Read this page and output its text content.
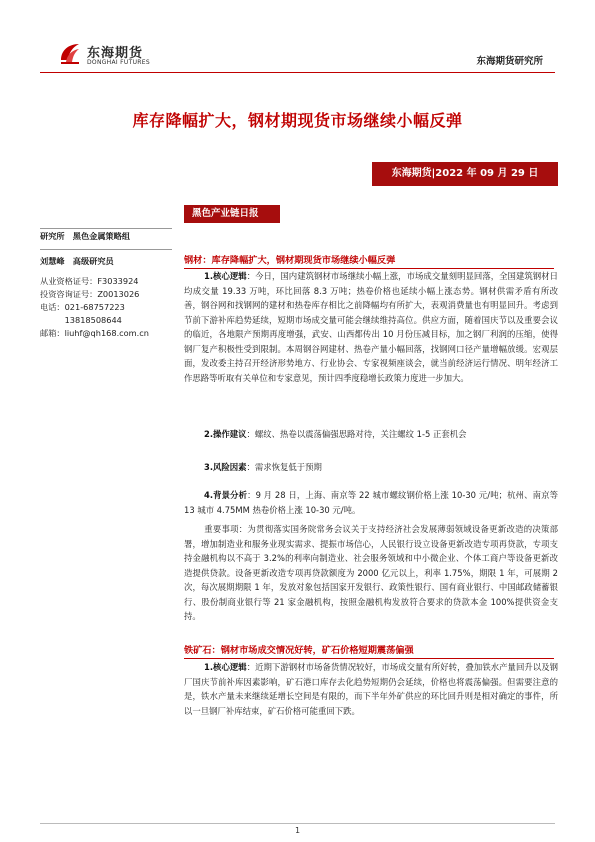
东海期货
DONGHAI FUTURES	东海期货研究所
库存降幅扩大，钢材期现货市场继续小幅反弹
东海期货|2022 年 09 月 29 日
黑色产业链日报
研究所　黑色金属策略组
刘慧峰　高级研究员
从业资格证号：F3033924
投资咨询证号：Z0013026
电话：021-68757223
　　　13818508644
邮箱：liuhf@qh168.com.cn
钢材：库存降幅扩大，钢材期现货市场继续小幅反弹
1.核心逻辑：今日，国内建筑钢材市场继续小幅上涨，市场成交量刻明显回落，全国建筑钢材日均成交量 19.33 万吨，环比回落 8.3 万吨；热卷价格也延续小幅上涨态势。钢材供需矛盾有所改善，钢谷网和找钢网的建材和热卷库存相比之前降幅均有所扩大，表观消费量也有明显回升。考虑到节前下游补库趋势延续，短期市场成交量可能会继续维持高位。供应方面，随着国庆节以及重要会议的临近，各地限产预期再度增强，武安、山西都传出 10 月份压减目标，加之钢厂利润的压缩，使得钢厂复产积极性受到限制。本周钢谷网建材、热卷产量小幅回落，找钢网口径产量增幅放缓。宏观层面，发改委主持召开经济形势地方、行业协会、专家视频座谈会，就当前经济运行情况、明年经济工作思路等听取有关单位和专家意见，预计四季度稳增长政策力度进一步加大。
2.操作建议：螺纹、热卷以震荡偏强思路对待，关注螺纹 1-5 正套机会
3.风险因素：需求恢复低于预期
4.背景分析：9 月 28 日，上海、南京等 22 城市螺纹钢价格上涨 10-30 元/吨；杭州、南京等 13 城市 4.75MM 热卷价格上涨 10-30 元/吨。
重要事项：为贯彻落实国务院常务会议关于支持经济社会发展薄弱领域设备更新改造的决策部署，增加制造业和服务业现实需求、提振市场信心，人民银行设立设备更新改造专项再贷款，专项支持金融机构以不高于 3.2%的利率向制造业、社会服务领域和中小微企业、个体工商户等设备更新改造提供贷款。设备更新改造专项再贷款额度为 2000 亿元以上，利率 1.75%，期限 1 年，可展期 2 次，每次展期期限 1 年，发放对象包括国家开发银行、政策性银行、国有商业银行、中国邮政储蓄银行、股份制商业银行等 21 家金融机构，按照金融机构发放符合要求的贷款本金 100%提供资金支持。
铁矿石：钢材市场成交情况好转，矿石价格短期震荡偏强
1.核心逻辑：近期下游钢材市场备货情况较好，市场成交量有所好转，叠加铁水产量回升以及钢厂国庆节前补库因素影响，矿石港口库存去化趋势短期仍会延续，价格也将震荡偏强。但需要注意的是，铁水产量未来继续延增长空间是有限的，而下半年外矿供应的环比回升则是相对确定的事件，所以一旦钢厂补库结束，矿石价格可能重回下跌。
1
